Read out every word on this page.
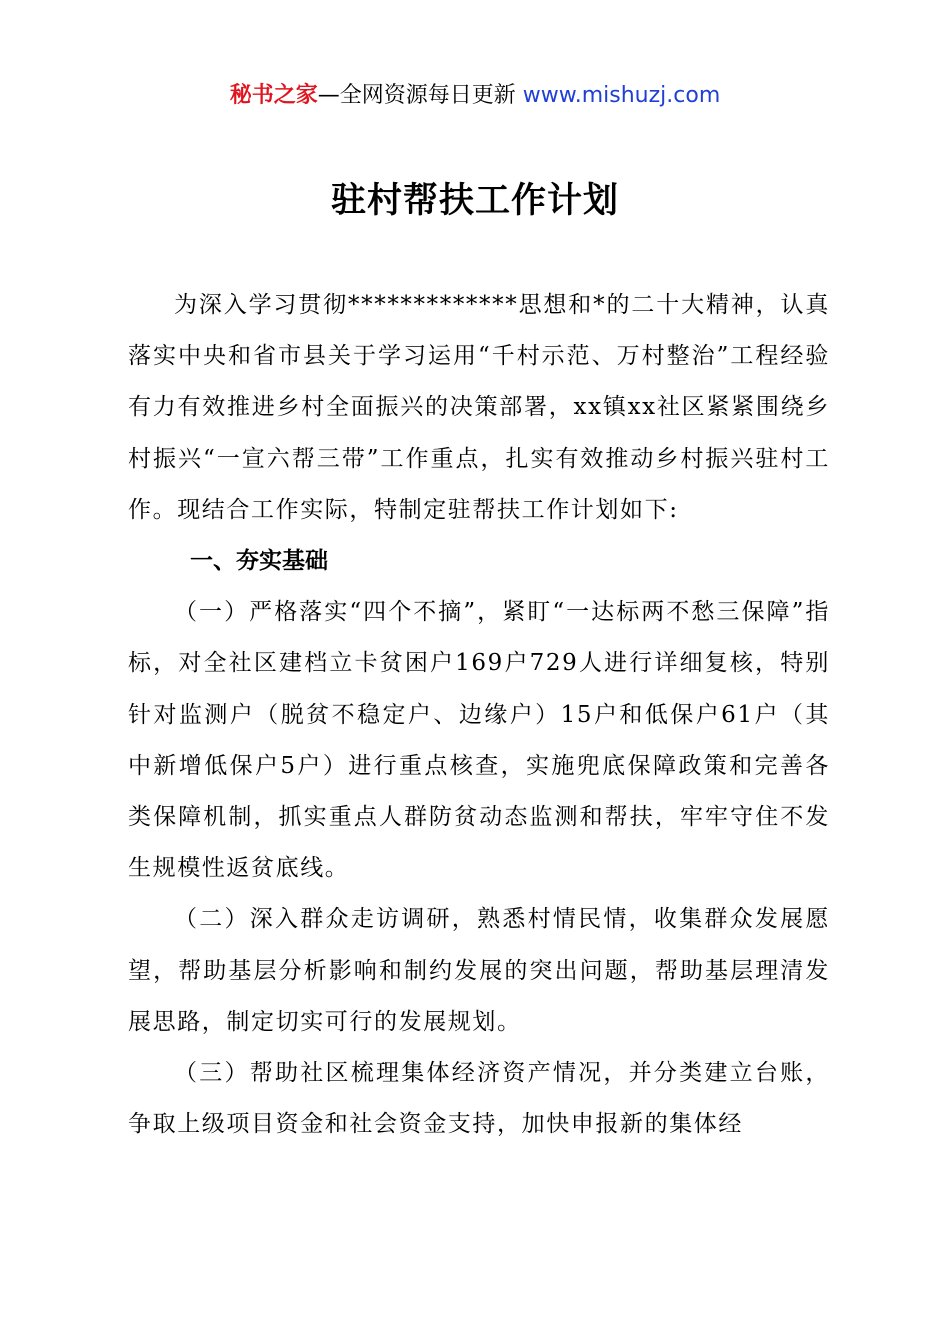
秘书之家—全网资源每日更新 www.mishuzj.com
驻村帮扶工作计划

为深入学习贯彻*************思想和*的二十大精神，认真落实中央和省市县关于学习运用“千村示范、万村整治”工程经验有力有效推进乡村全面振兴的决策部署，xx镇xx社区紧紧围绕乡村振兴“一宣六帮三带”工作重点，扎实有效推动乡村振兴驻村工作。现结合工作实际，特制定驻帮扶工作计划如下:

一、夯实基础

（一）严格落实“四个不摘”，紧盯“一达标两不愁三保障”指标，对全社区建档立卡贫困户169户729人进行详细复核，特别针对监测户（脱贫不稳定户、边缘户）15户和低保户61户（其中新增低保户5户）进行重点核查，实施兜底保障政策和完善各类保障机制，抓实重点人群防贫动态监测和帮扶，牢牢守住不发生规模性返贫底线。

（二）深入群众走访调研，熟悉村情民情，收集群众发展愿望，帮助基层分析影响和制约发展的突出问题，帮助基层理清发展思路，制定切实可行的发展规划。

（三）帮助社区梳理集体经济资产情况，并分类建立台账，争取上级项目资金和社会资金支持，加快申报新的集体经
